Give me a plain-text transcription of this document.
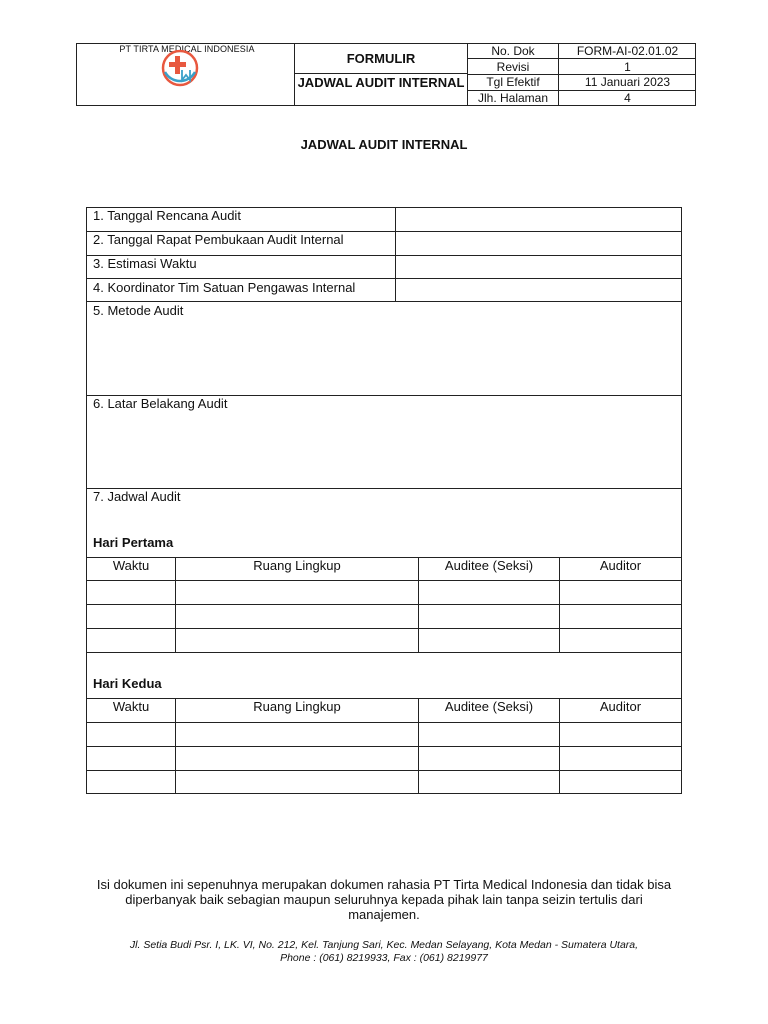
PT TIRTA MEDICAL INDONESIA
FORMULIR
JADWAL AUDIT INTERNAL
No. Dok	FORM-AI-02.01.02
Revisi	1
Tgl Efektif	11 Januari 2023
Jlh. Halaman	4
JADWAL AUDIT INTERNAL
1. Tanggal Rencana Audit
2. Tanggal Rapat Pembukaan Audit Internal
3. Estimasi Waktu
4. Koordinator Tim Satuan Pengawas Internal
5. Metode Audit
6. Latar Belakang Audit
7. Jadwal Audit
Hari Pertama
Waktu	Ruang Lingkup	Auditee (Seksi)	Auditor
Hari Kedua
Waktu	Ruang Lingkup	Auditee (Seksi)	Auditor
Isi dokumen ini sepenuhnya merupakan dokumen rahasia PT Tirta Medical Indonesia dan tidak bisa diperbanyak baik sebagian maupun seluruhnya kepada pihak lain tanpa seizin tertulis dari manajemen.
Jl. Setia Budi Psr. I, LK. VI, No. 212, Kel. Tanjung Sari, Kec. Medan Selayang, Kota Medan - Sumatera Utara,
Phone : (061) 8219933, Fax : (061) 8219977
